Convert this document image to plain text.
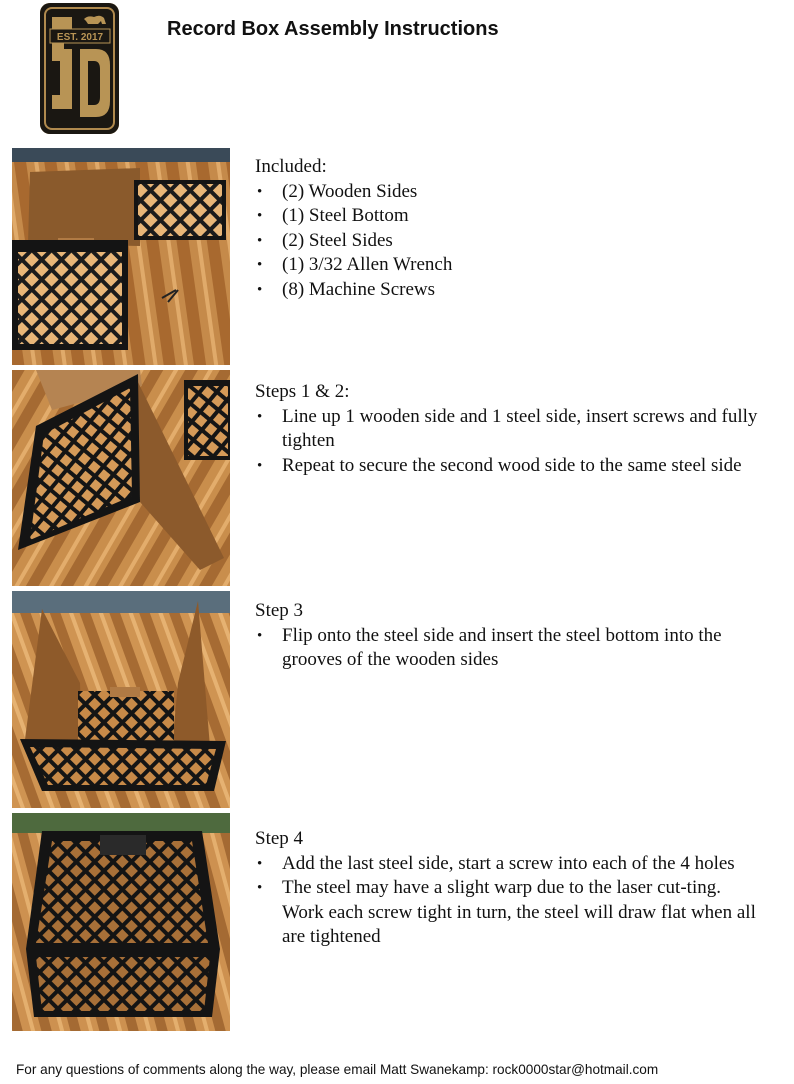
EST. 2017	Record Box Assembly Instructions
Included:
• (2) Wooden Sides
• (1) Steel Bottom
• (2) Steel Sides
• (1) 3/32 Allen Wrench
• (8) Machine Screws
Steps 1 & 2:
• Line up 1 wooden side and 1 steel side, insert screws and fully tighten
• Repeat to secure the second wood side to the same steel side
Step 3
• Flip onto the steel side and insert the steel bottom into the grooves of the wooden sides
Step 4
• Add the last steel side, start a screw into each of the 4 holes
• The steel may have a slight warp due to the laser cut-ting. Work each screw tight in turn, the steel will draw flat when all are tightened
For any questions of comments along the way, please email Matt Swanekamp: rock0000star@hotmail.com
